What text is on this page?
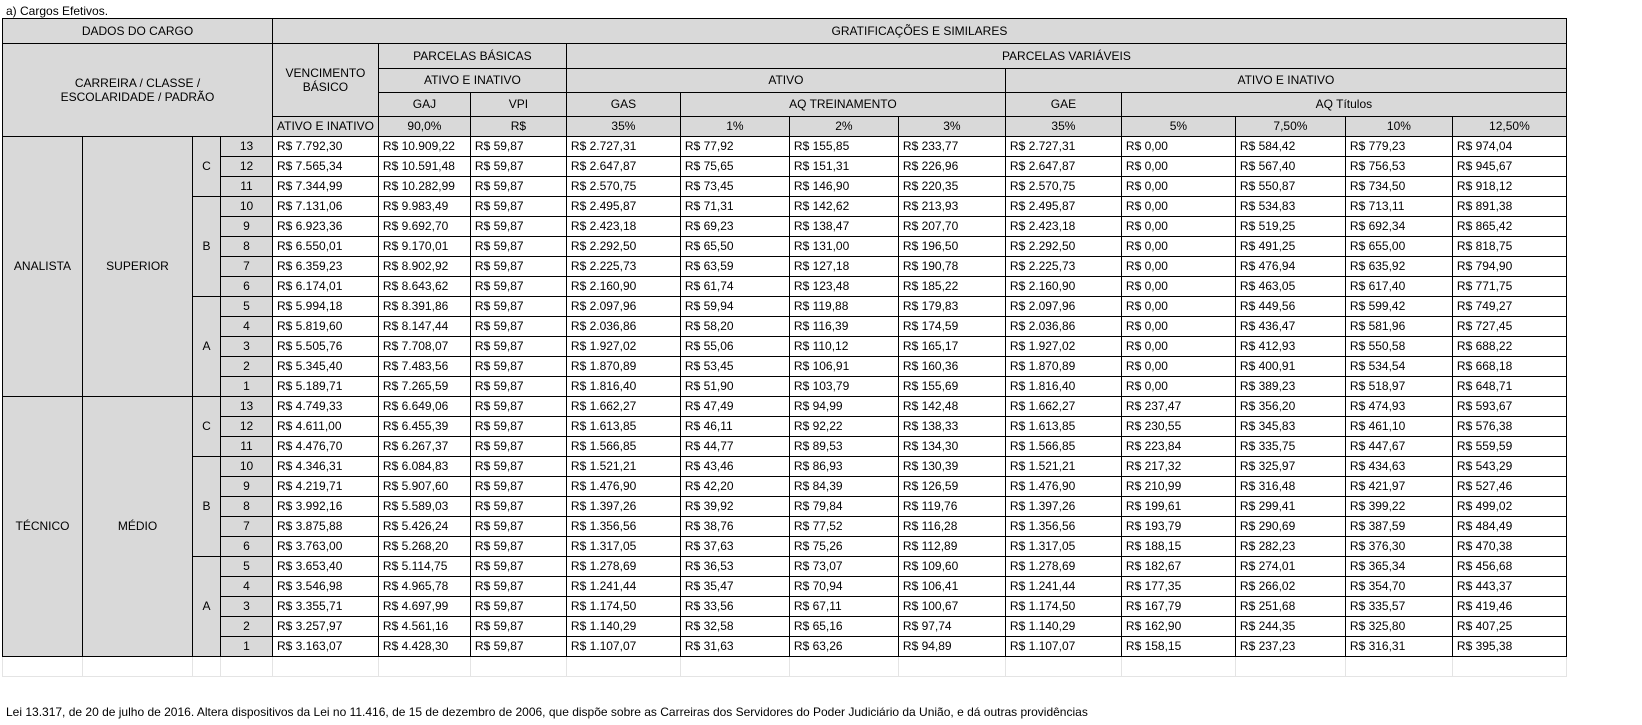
a) Cargos Efetivos.
DADOS DO CARGO				GRATIFICAÇÕES E SIMILARES											
CARREIRA / CLASSE / ESCOLARIDADE / PADRÃO				VENCIMENTO BÁSICO	PARCELAS BÁSICAS		PARCELAS VARIÁVEIS								
					ATIVO E INATIVO		ATIVO				ATIVO E INATIVO				
					GAJ	VPI	GAS	AQ TREINAMENTO			GAE	AQ Títulos			
				ATIVO E INATIVO	90,0%	R$	35%	1%	2%	3%	35%	5%	7,50%	10%	12,50%
ANALISTA	SUPERIOR	C	13	R$ 7.792,30	R$ 10.909,22	R$ 59,87	R$ 2.727,31	R$ 77,92	R$ 155,85	R$ 233,77	R$ 2.727,31	R$ 0,00	R$ 584,42	R$ 779,23	R$ 974,04
			12	R$ 7.565,34	R$ 10.591,48	R$ 59,87	R$ 2.647,87	R$ 75,65	R$ 151,31	R$ 226,96	R$ 2.647,87	R$ 0,00	R$ 567,40	R$ 756,53	R$ 945,67
			11	R$ 7.344,99	R$ 10.282,99	R$ 59,87	R$ 2.570,75	R$ 73,45	R$ 146,90	R$ 220,35	R$ 2.570,75	R$ 0,00	R$ 550,87	R$ 734,50	R$ 918,12
		B	10	R$ 7.131,06	R$ 9.983,49	R$ 59,87	R$ 2.495,87	R$ 71,31	R$ 142,62	R$ 213,93	R$ 2.495,87	R$ 0,00	R$ 534,83	R$ 713,11	R$ 891,38
			9	R$ 6.923,36	R$ 9.692,70	R$ 59,87	R$ 2.423,18	R$ 69,23	R$ 138,47	R$ 207,70	R$ 2.423,18	R$ 0,00	R$ 519,25	R$ 692,34	R$ 865,42
			8	R$ 6.550,01	R$ 9.170,01	R$ 59,87	R$ 2.292,50	R$ 65,50	R$ 131,00	R$ 196,50	R$ 2.292,50	R$ 0,00	R$ 491,25	R$ 655,00	R$ 818,75
			7	R$ 6.359,23	R$ 8.902,92	R$ 59,87	R$ 2.225,73	R$ 63,59	R$ 127,18	R$ 190,78	R$ 2.225,73	R$ 0,00	R$ 476,94	R$ 635,92	R$ 794,90
			6	R$ 6.174,01	R$ 8.643,62	R$ 59,87	R$ 2.160,90	R$ 61,74	R$ 123,48	R$ 185,22	R$ 2.160,90	R$ 0,00	R$ 463,05	R$ 617,40	R$ 771,75
		A	5	R$ 5.994,18	R$ 8.391,86	R$ 59,87	R$ 2.097,96	R$ 59,94	R$ 119,88	R$ 179,83	R$ 2.097,96	R$ 0,00	R$ 449,56	R$ 599,42	R$ 749,27
			4	R$ 5.819,60	R$ 8.147,44	R$ 59,87	R$ 2.036,86	R$ 58,20	R$ 116,39	R$ 174,59	R$ 2.036,86	R$ 0,00	R$ 436,47	R$ 581,96	R$ 727,45
			3	R$ 5.505,76	R$ 7.708,07	R$ 59,87	R$ 1.927,02	R$ 55,06	R$ 110,12	R$ 165,17	R$ 1.927,02	R$ 0,00	R$ 412,93	R$ 550,58	R$ 688,22
			2	R$ 5.345,40	R$ 7.483,56	R$ 59,87	R$ 1.870,89	R$ 53,45	R$ 106,91	R$ 160,36	R$ 1.870,89	R$ 0,00	R$ 400,91	R$ 534,54	R$ 668,18
			1	R$ 5.189,71	R$ 7.265,59	R$ 59,87	R$ 1.816,40	R$ 51,90	R$ 103,79	R$ 155,69	R$ 1.816,40	R$ 0,00	R$ 389,23	R$ 518,97	R$ 648,71
TÉCNICO	MÉDIO	C	13	R$ 4.749,33	R$ 6.649,06	R$ 59,87	R$ 1.662,27	R$ 47,49	R$ 94,99	R$ 142,48	R$ 1.662,27	R$ 237,47	R$ 356,20	R$ 474,93	R$ 593,67
			12	R$ 4.611,00	R$ 6.455,39	R$ 59,87	R$ 1.613,85	R$ 46,11	R$ 92,22	R$ 138,33	R$ 1.613,85	R$ 230,55	R$ 345,83	R$ 461,10	R$ 576,38
			11	R$ 4.476,70	R$ 6.267,37	R$ 59,87	R$ 1.566,85	R$ 44,77	R$ 89,53	R$ 134,30	R$ 1.566,85	R$ 223,84	R$ 335,75	R$ 447,67	R$ 559,59
		B	10	R$ 4.346,31	R$ 6.084,83	R$ 59,87	R$ 1.521,21	R$ 43,46	R$ 86,93	R$ 130,39	R$ 1.521,21	R$ 217,32	R$ 325,97	R$ 434,63	R$ 543,29
			9	R$ 4.219,71	R$ 5.907,60	R$ 59,87	R$ 1.476,90	R$ 42,20	R$ 84,39	R$ 126,59	R$ 1.476,90	R$ 210,99	R$ 316,48	R$ 421,97	R$ 527,46
			8	R$ 3.992,16	R$ 5.589,03	R$ 59,87	R$ 1.397,26	R$ 39,92	R$ 79,84	R$ 119,76	R$ 1.397,26	R$ 199,61	R$ 299,41	R$ 399,22	R$ 499,02
			7	R$ 3.875,88	R$ 5.426,24	R$ 59,87	R$ 1.356,56	R$ 38,76	R$ 77,52	R$ 116,28	R$ 1.356,56	R$ 193,79	R$ 290,69	R$ 387,59	R$ 484,49
			6	R$ 3.763,00	R$ 5.268,20	R$ 59,87	R$ 1.317,05	R$ 37,63	R$ 75,26	R$ 112,89	R$ 1.317,05	R$ 188,15	R$ 282,23	R$ 376,30	R$ 470,38
		A	5	R$ 3.653,40	R$ 5.114,75	R$ 59,87	R$ 1.278,69	R$ 36,53	R$ 73,07	R$ 109,60	R$ 1.278,69	R$ 182,67	R$ 274,01	R$ 365,34	R$ 456,68
			4	R$ 3.546,98	R$ 4.965,78	R$ 59,87	R$ 1.241,44	R$ 35,47	R$ 70,94	R$ 106,41	R$ 1.241,44	R$ 177,35	R$ 266,02	R$ 354,70	R$ 443,37
			3	R$ 3.355,71	R$ 4.697,99	R$ 59,87	R$ 1.174,50	R$ 33,56	R$ 67,11	R$ 100,67	R$ 1.174,50	R$ 167,79	R$ 251,68	R$ 335,57	R$ 419,46
			2	R$ 3.257,97	R$ 4.561,16	R$ 59,87	R$ 1.140,29	R$ 32,58	R$ 65,16	R$ 97,74	R$ 1.140,29	R$ 162,90	R$ 244,35	R$ 325,80	R$ 407,25
			1	R$ 3.163,07	R$ 4.428,30	R$ 59,87	R$ 1.107,07	R$ 31,63	R$ 63,26	R$ 94,89	R$ 1.107,07	R$ 158,15	R$ 237,23	R$ 316,31	R$ 395,38

Lei 13.317, de 20 de julho de 2016. Altera dispositivos da Lei no 11.416, de 15 de dezembro de 2006, que dispõe sobre as Carreiras dos Servidores do Poder Judiciário da União, e dá outras providências
